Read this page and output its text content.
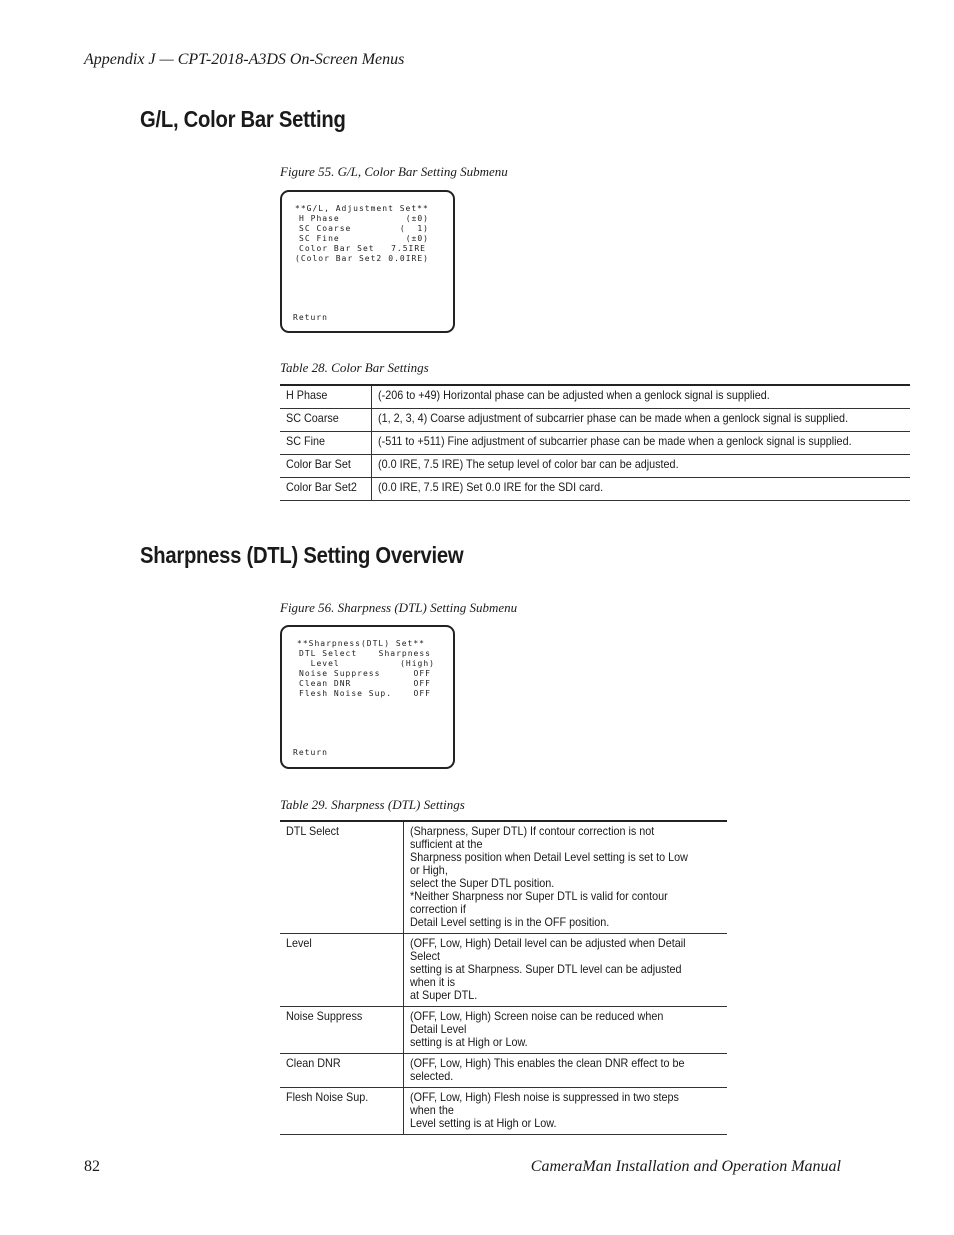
Appendix J — CPT-2018-A3DS On-Screen Menus
G/L, Color Bar Setting
Figure 55. G/L, Color Bar Setting Submenu
**G/L, Adjustment Set**
H Phase	(±0)
SC Coarse	(  1)
SC Fine	(±0)
Color Bar Set 7.5IRE
(Color Bar Set2 0.0IRE)
Return
Table 28. Color Bar Settings
H Phase	(-206 to +49) Horizontal phase can be adjusted when a genlock signal is supplied.
SC Coarse	(1, 2, 3, 4) Coarse adjustment of subcarrier phase can be made when a genlock signal is supplied.
SC Fine	(-511 to +511) Fine adjustment of subcarrier phase can be made when a genlock signal is supplied.
Color Bar Set	(0.0 IRE, 7.5 IRE) The setup level of color bar can be adjusted.
Color Bar Set2	(0.0 IRE, 7.5 IRE) Set 0.0 IRE for the SDI card.
Sharpness (DTL) Setting Overview
Figure 56. Sharpness (DTL) Setting Submenu
**Sharpness(DTL) Set**
DTL Select	Sharpness
Level	(High)
Noise Suppress	OFF
Clean DNR	OFF
Flesh Noise Sup.	OFF
Return
Table 29. Sharpness (DTL) Settings
DTL Select	(Sharpness, Super DTL) If contour correction is not sufficient at the
Sharpness position when Detail Level setting is set to Low or High,
select the Super DTL position.
*Neither Sharpness nor Super DTL is valid for contour correction if
Detail Level setting is in the OFF position.

Level	(OFF, Low, High) Detail level can be adjusted when Detail Select
setting is at Sharpness. Super DTL level can be adjusted when it is
at Super DTL.

Noise Suppress	(OFF, Low, High) Screen noise can be reduced when Detail Level
setting is at High or Low.

Clean DNR	(OFF, Low, High) This enables the clean DNR effect to be selected.

Flesh Noise Sup.	(OFF, Low, High) Flesh noise is suppressed in two steps when the
Level setting is at High or Low.
82	CameraMan Installation and Operation Manual
